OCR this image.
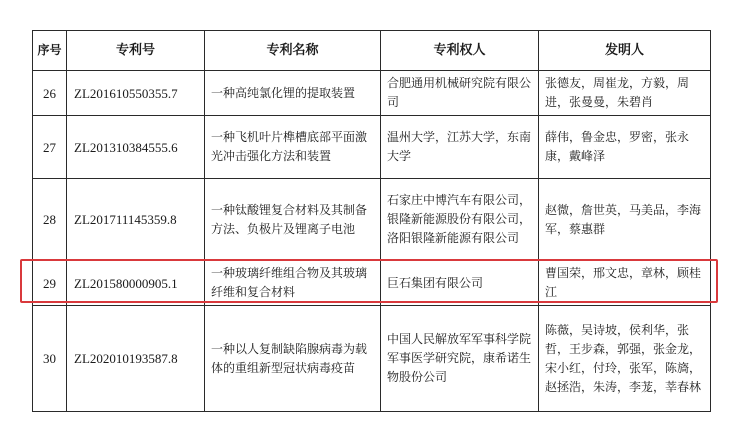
序号	专利号	专利名称	专利权人	发明人
26	ZL201610550355.7	一种高纯氯化锂的提取装置	合肥通用机械研究院有限公司	张德友，周崔龙，方毅，周进，张曼曼，朱碧肖
27	ZL201310384555.6	一种飞机叶片榫槽底部平面激光冲击强化方法和装置	温州大学，江苏大学，东南大学	薛伟，鲁金忠，罗密，张永康，戴峰泽
28	ZL201711145359.8	一种钛酸锂复合材料及其制备方法、负极片及锂离子电池	石家庄中博汽车有限公司，银隆新能源股份有限公司，洛阳银隆新能源有限公司	赵微，詹世英，马美品，李海军，蔡惠群
29	ZL201580000905.1	一种玻璃纤维组合物及其玻璃纤维和复合材料	巨石集团有限公司	曹国荣，邢文忠，章林，顾桂江
30	ZL202010193587.8	一种以人复制缺陷腺病毒为载体的重组新型冠状病毒疫苗	中国人民解放军军事科学院军事医学研究院，康希诺生物股份公司	陈薇，吴诗坡，侯利华，张哲，王步森，郭强，张金龙，宋小红，付玲，张军，陈旖，赵拯浩，朱涛，李茏，莘春林
